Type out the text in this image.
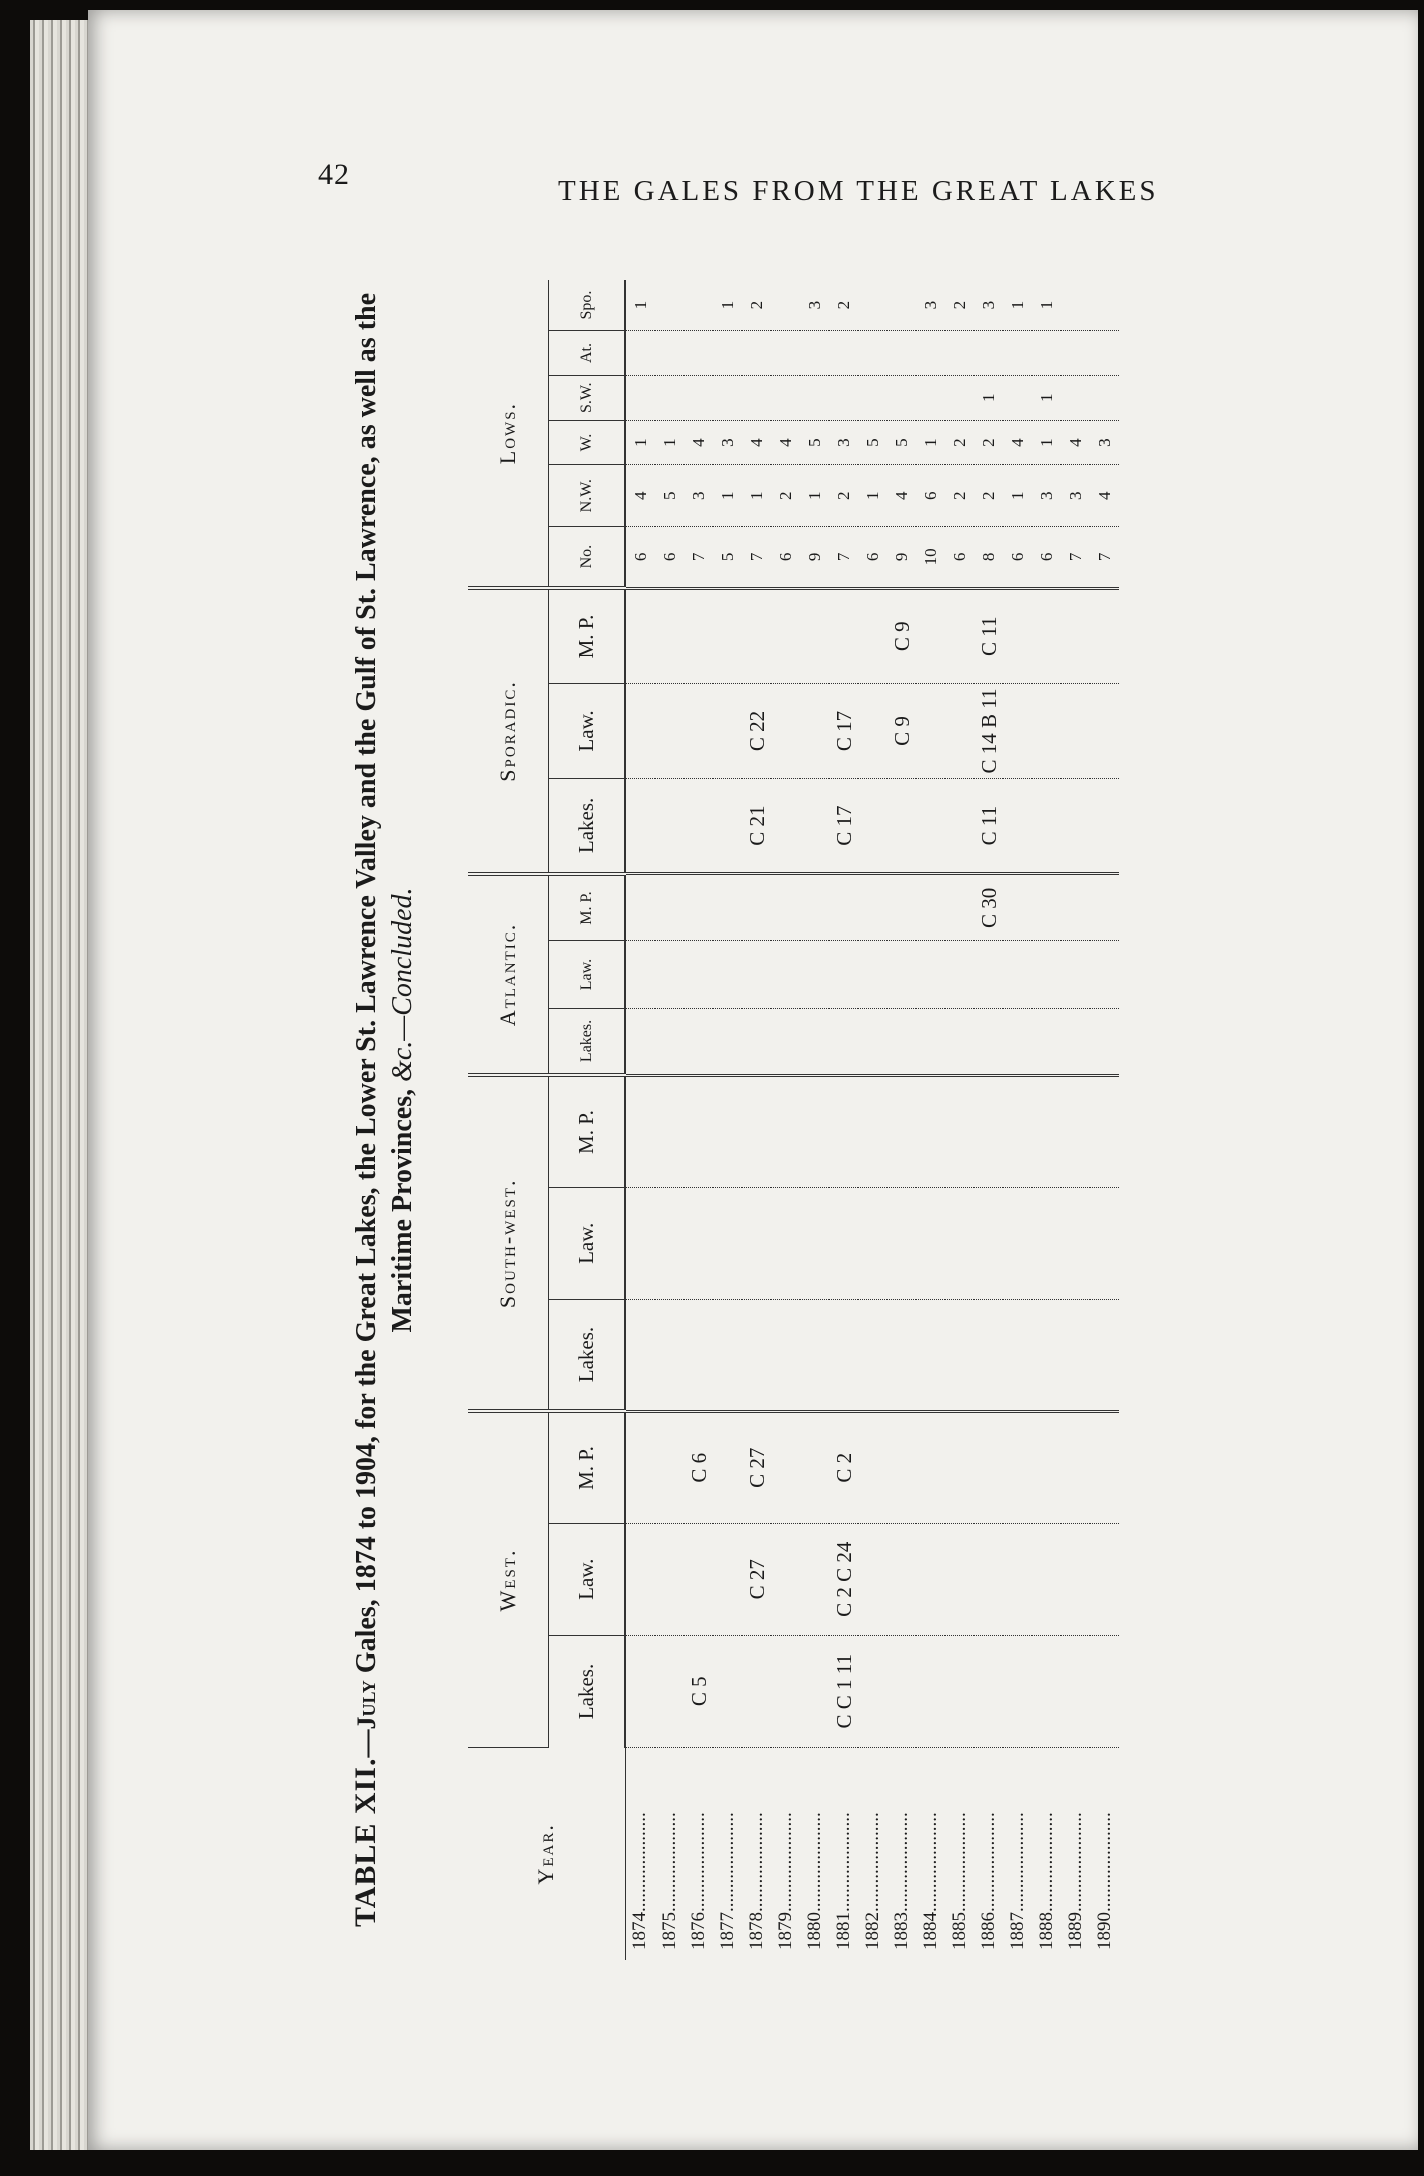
42	THE GALES FROM THE GREAT LAKES
TABLE XII.—July Gales, 1874 to 1904, for the Great Lakes, the Lower St. Lawrence Valley and the Gulf of St. Lawrence, as well as the Maritime Provinces, &c.—Concluded.
Year.	West.			South-west.			Atlantic.			Sporadic.			Lows.					
	Lakes.	Law.	M. P.	Lakes.	Law.	M. P.	Lakes.	Law.	M. P.	Lakes.	Law.	M. P.	No.	N.W.	W.	S.W.	At.	Spo.
1874.....................													6	4	1			1
1875.....................													6	5	1			
1876.....................	C 5		C 6										7	3	4			
1877.....................													5	1	3			1
1878.....................		C 27	C 27							C 21	C 22		7	1	4			2
1879.....................													6	2	4			
1880.....................													9	1	5			3
1881.....................	C C 1 11	C 2 C 24	C 2							C 17	C 17		7	2	3			2
1882.....................													6	1	5			
1883.....................											C 9	C 9	9	4	5			
1884.....................													10	6	1			3
1885.....................													6	2	2			2
1886.....................									C 30	C 11	C 14 B 11	C 11	8	2	2	1		3
1887.....................													6	1	4			1
1888.....................													6	3	1	1		1
1889.....................													7	3	4			
1890.....................													7	4	3			
